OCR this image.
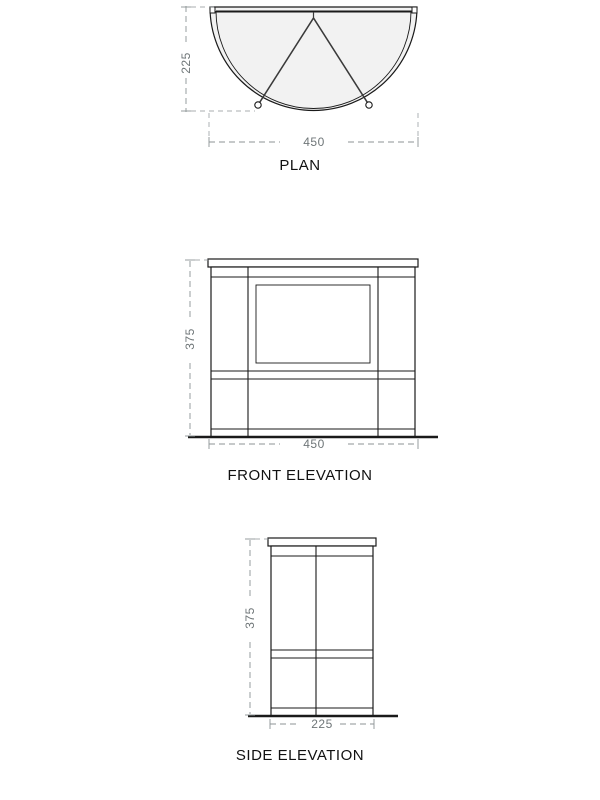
225
450
PLAN
375
450
FRONT ELEVATION
375
225
SIDE ELEVATION
